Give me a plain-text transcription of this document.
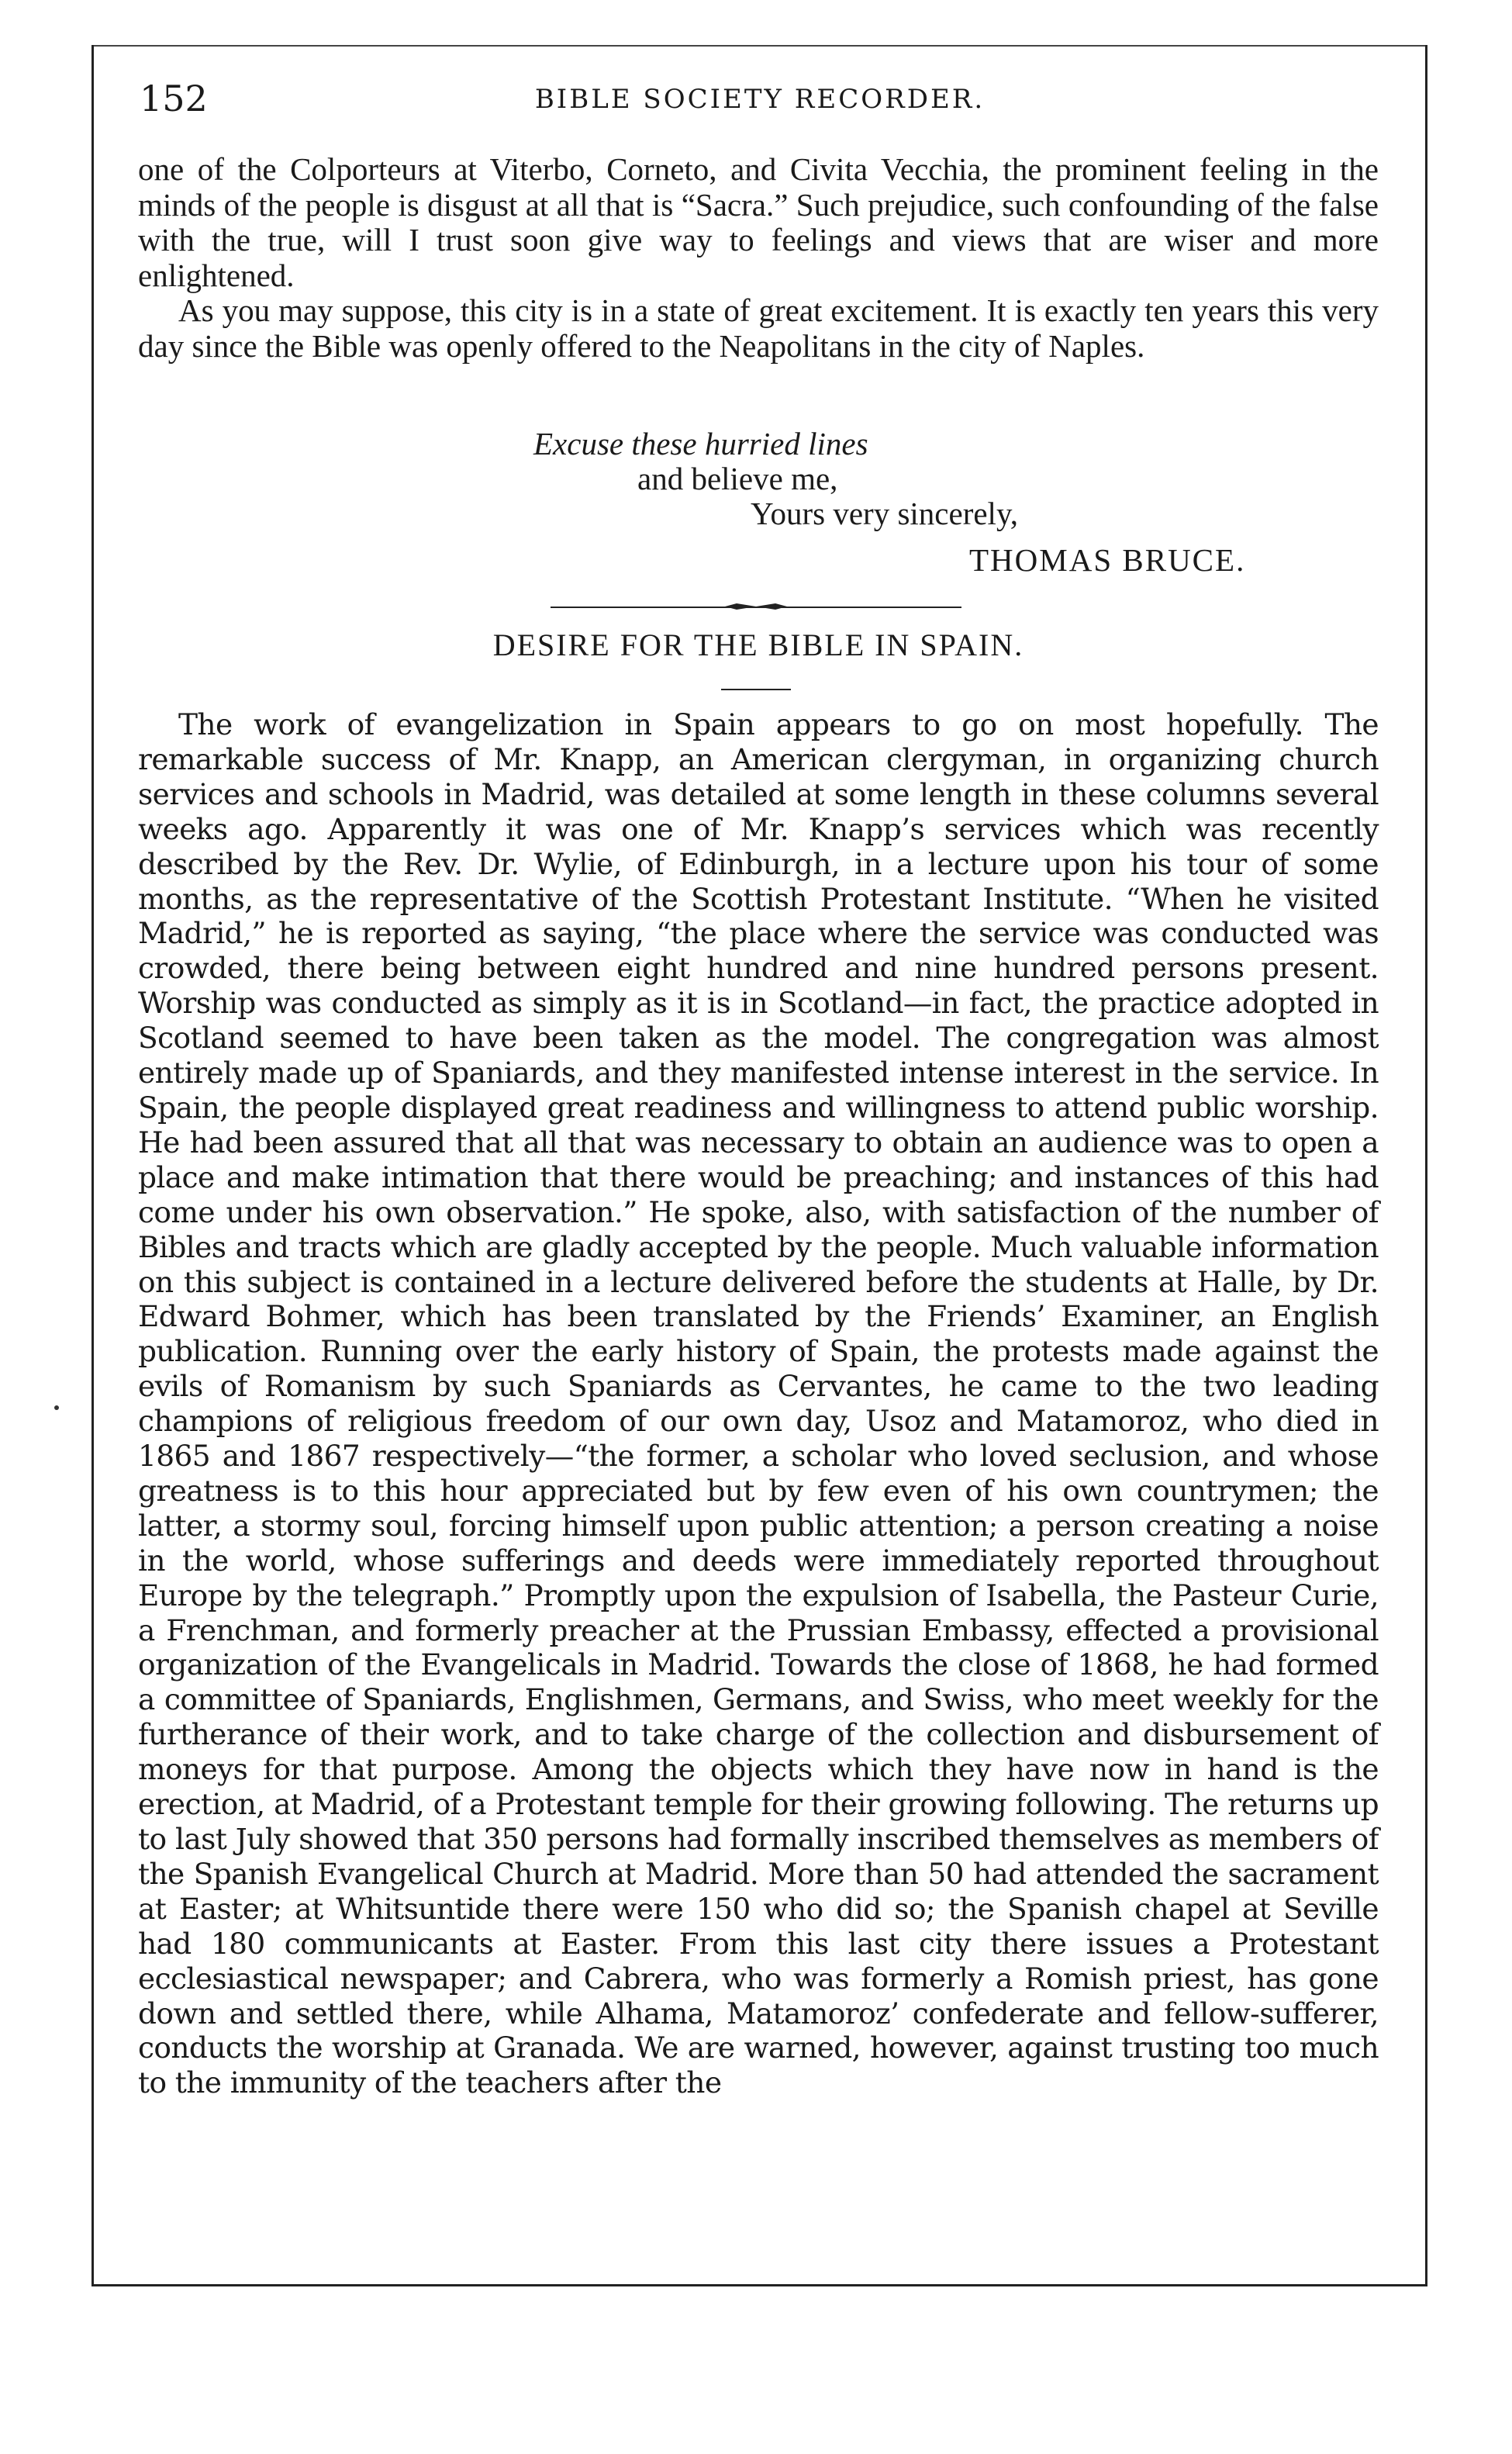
152	BIBLE SOCIETY RECORDER.

one of the Colporteurs at Viterbo, Corneto, and Civita Vecchia, the prominent feeling in the minds of the people is disgust at all that is “Sacra.” Such prejudice, such confounding of the false with the true, will I trust soon give way to feelings and views that are wiser and more enlightened.

As you may suppose, this city is in a state of great excitement. It is exactly ten years this very day since the Bible was openly offered to the Neapolitans in the city of Naples.

Excuse these hurried lines
and believe me,
Yours very sincerely,
THOMAS BRUCE.
DESIRE FOR THE BIBLE IN SPAIN.

The work of evangelization in Spain appears to go on most hopefully. The remarkable success of Mr. Knapp, an American clergyman, in organizing church services and schools in Madrid, was detailed at some length in these columns several weeks ago. Apparently it was one of Mr. Knapp’s services which was recently described by the Rev. Dr. Wylie, of Edinburgh, in a lecture upon his tour of some months, as the representative of the Scottish Protestant Institute. “When he visited Madrid,” he is reported as saying, “the place where the service was conducted was crowded, there being between eight hundred and nine hundred persons present. Worship was conducted as simply as it is in Scotland—in fact, the practice adopted in Scotland seemed to have been taken as the model. The congregation was almost entirely made up of Spaniards, and they manifested intense interest in the service. In Spain, the people displayed great readiness and willingness to attend public worship. He had been assured that all that was necessary to obtain an audience was to open a place and make intimation that there would be preaching; and instances of this had come under his own observation.” He spoke, also, with satisfaction of the number of Bibles and tracts which are gladly accepted by the people. Much valuable information on this subject is contained in a lecture delivered before the students at Halle, by Dr. Edward Bohmer, which has been translated by the Friends’ Examiner, an English publication. Running over the early history of Spain, the protests made against the evils of Romanism by such Spaniards as Cervantes, he came to the two leading champions of religious freedom of our own day, Usoz and Matamoroz, who died in 1865 and 1867 respectively—“the former, a scholar who loved seclusion, and whose greatness is to this hour appreciated but by few even of his own countrymen; the latter, a stormy soul, forcing himself upon public attention; a person creating a noise in the world, whose sufferings and deeds were immediately reported throughout Europe by the telegraph.” Promptly upon the expulsion of Isabella, the Pasteur Curie, a Frenchman, and formerly preacher at the Prussian Embassy, effected a provisional organization of the Evangelicals in Madrid. Towards the close of 1868, he had formed a committee of Spaniards, Englishmen, Germans, and Swiss, who meet weekly for the furtherance of their work, and to take charge of the collection and disbursement of moneys for that purpose. Among the objects which they have now in hand is the erection, at Madrid, of a Protestant temple for their growing following. The returns up to last July showed that 350 persons had formally inscribed themselves as members of the Spanish Evangelical Church at Madrid. More than 50 had attended the sacrament at Easter; at Whitsuntide there were 150 who did so; the Spanish chapel at Seville had 180 communicants at Easter. From this last city there issues a Protestant ecclesiastical newspaper; and Cabrera, who was formerly a Romish priest, has gone down and settled there, while Alhama, Matamoroz’ confederate and fellow-sufferer, conducts the worship at Granada. We are warned, however, against trusting too much to the immunity of the teachers after the
